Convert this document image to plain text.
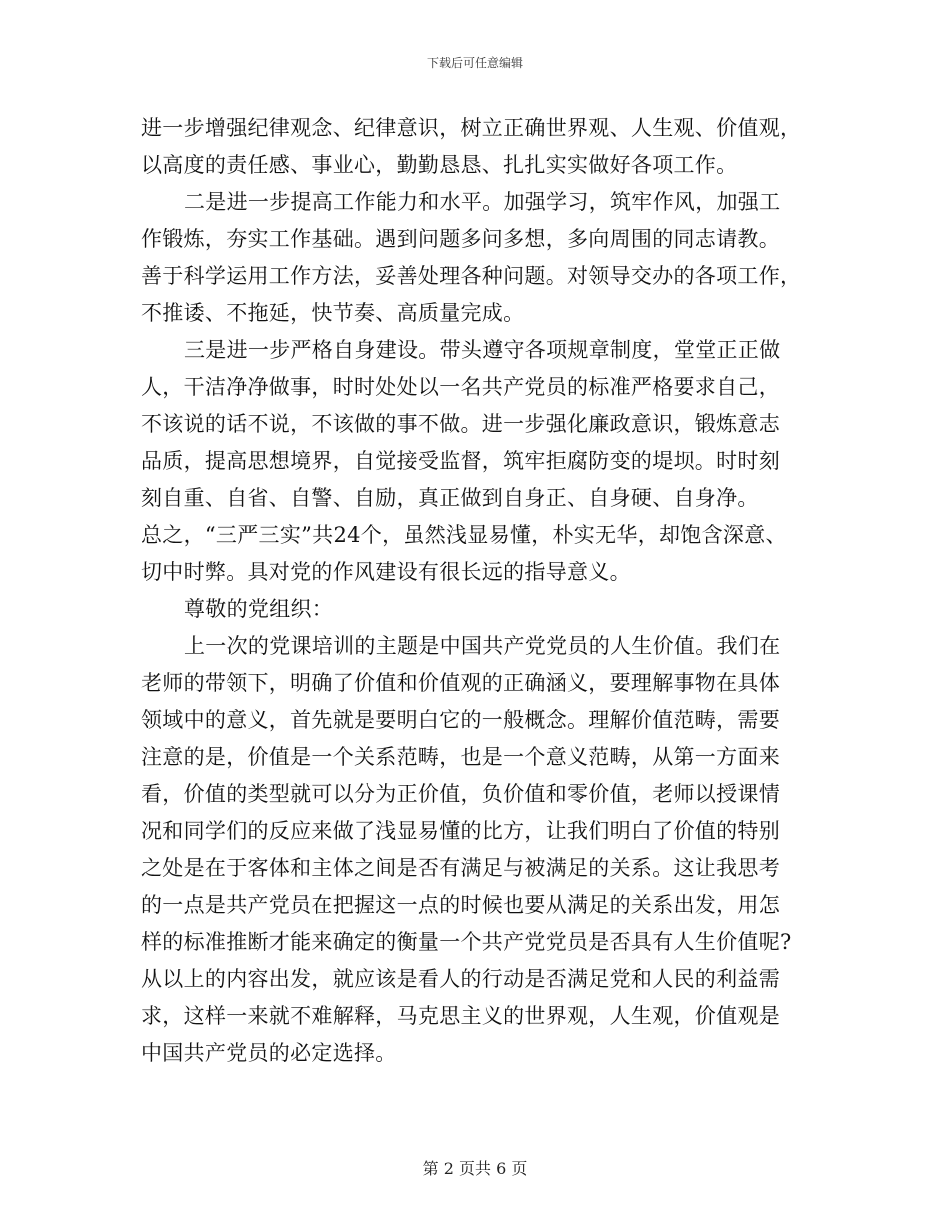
下载后可任意编辑
进一步增强纪律观念、纪律意识，树立正确世界观、人生观、价值观，
以高度的责任感、事业心，勤勤恳恳、扎扎实实做好各项工作。
二是进一步提高工作能力和水平。加强学习，筑牢作风，加强工
作锻炼，夯实工作基础。遇到问题多问多想，多向周围的同志请教。
善于科学运用工作方法，妥善处理各种问题。对领导交办的各项工作，
不推诿、不拖延，快节奏、高质量完成。
三是进一步严格自身建设。带头遵守各项规章制度，堂堂正正做
人，干洁净净做事，时时处处以一名共产党员的标准严格要求自己，
不该说的话不说，不该做的事不做。进一步强化廉政意识，锻炼意志
品质，提高思想境界，自觉接受监督，筑牢拒腐防变的堤坝。时时刻
刻自重、自省、自警、自励，真正做到自身正、自身硬、自身净。
总之，“三严三实”共24个，虽然浅显易懂，朴实无华，却饱含深意、
切中时弊。具对党的作风建设有很长远的指导意义。
尊敬的党组织：
上一次的党课培训的主题是中国共产党党员的人生价值。我们在
老师的带领下，明确了价值和价值观的正确涵义，要理解事物在具体
领域中的意义，首先就是要明白它的一般概念。理解价值范畴，需要
注意的是，价值是一个关系范畴，也是一个意义范畴，从第一方面来
看，价值的类型就可以分为正价值，负价值和零价值，老师以授课情
况和同学们的反应来做了浅显易懂的比方，让我们明白了价值的特别
之处是在于客体和主体之间是否有满足与被满足的关系。这让我思考
的一点是共产党员在把握这一点的时候也要从满足的关系出发，用怎
样的标准推断才能来确定的衡量一个共产党党员是否具有人生价值呢?
从以上的内容出发，就应该是看人的行动是否满足党和人民的利益需
求，这样一来就不难解释，马克思主义的世界观，人生观，价值观是
中国共产党员的必定选择。
第 2 页共 6 页
